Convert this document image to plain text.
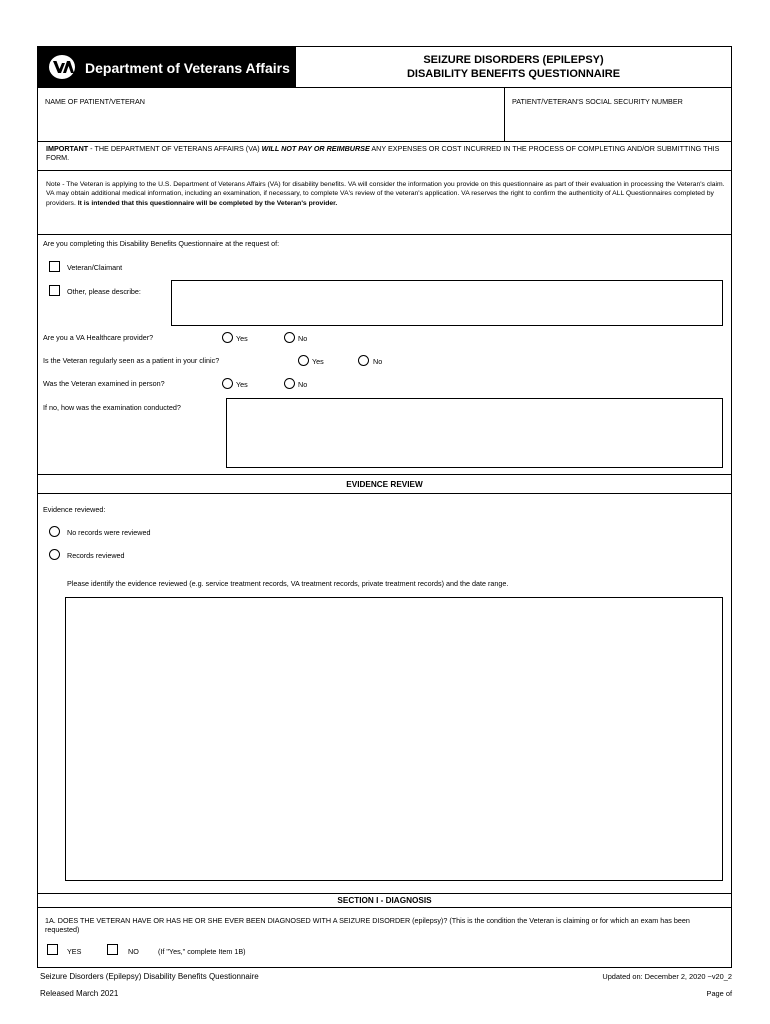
Department of Veterans Affairs	SEIZURE DISORDERS (EPILEPSY)
DISABILITY BENEFITS QUESTIONNAIRE
NAME OF PATIENT/VETERAN	PATIENT/VETERAN'S SOCIAL SECURITY NUMBER
IMPORTANT - THE DEPARTMENT OF VETERANS AFFAIRS (VA) WILL NOT PAY OR REIMBURSE ANY EXPENSES OR COST INCURRED IN THE PROCESS OF COMPLETING AND/OR SUBMITTING THIS FORM.
Note - The Veteran is applying to the U.S. Department of Veterans Affairs (VA) for disability benefits. VA will consider the information you provide on this questionnaire as part of their evaluation in processing the Veteran's claim. VA may obtain additional medical information, including an examination, if necessary, to complete VA's review of the veteran's application. VA reserves the right to confirm the authenticity of ALL Questionnaires completed by providers. It is intended that this questionnaire will be completed by the Veteran's provider.
Are you completing this Disability Benefits Questionnaire at the request of:
Veteran/Claimant
Other, please describe:
Are you a VA Healthcare provider?	Yes	No
Is the Veteran regularly seen as a patient in your clinic?	Yes	No
Was the Veteran examined in person?	Yes	No
If no, how was the examination conducted?
EVIDENCE REVIEW
Evidence reviewed:
No records were reviewed
Records reviewed
Please identify the evidence reviewed (e.g. service treatment records, VA treatment records, private treatment records) and the date range.
SECTION I - DIAGNOSIS
1A. DOES THE VETERAN HAVE OR HAS HE OR SHE EVER BEEN DIAGNOSED WITH A SEIZURE DISORDER (epilepsy)? (This is the condition the Veteran is claiming or for which an exam has been requested)
YES	NO	(If "Yes," complete Item 1B)
Seizure Disorders (Epilepsy) Disability Benefits Questionnaire
Released March 2021
Updated on: December 2, 2020 ~v20_2
Page of
